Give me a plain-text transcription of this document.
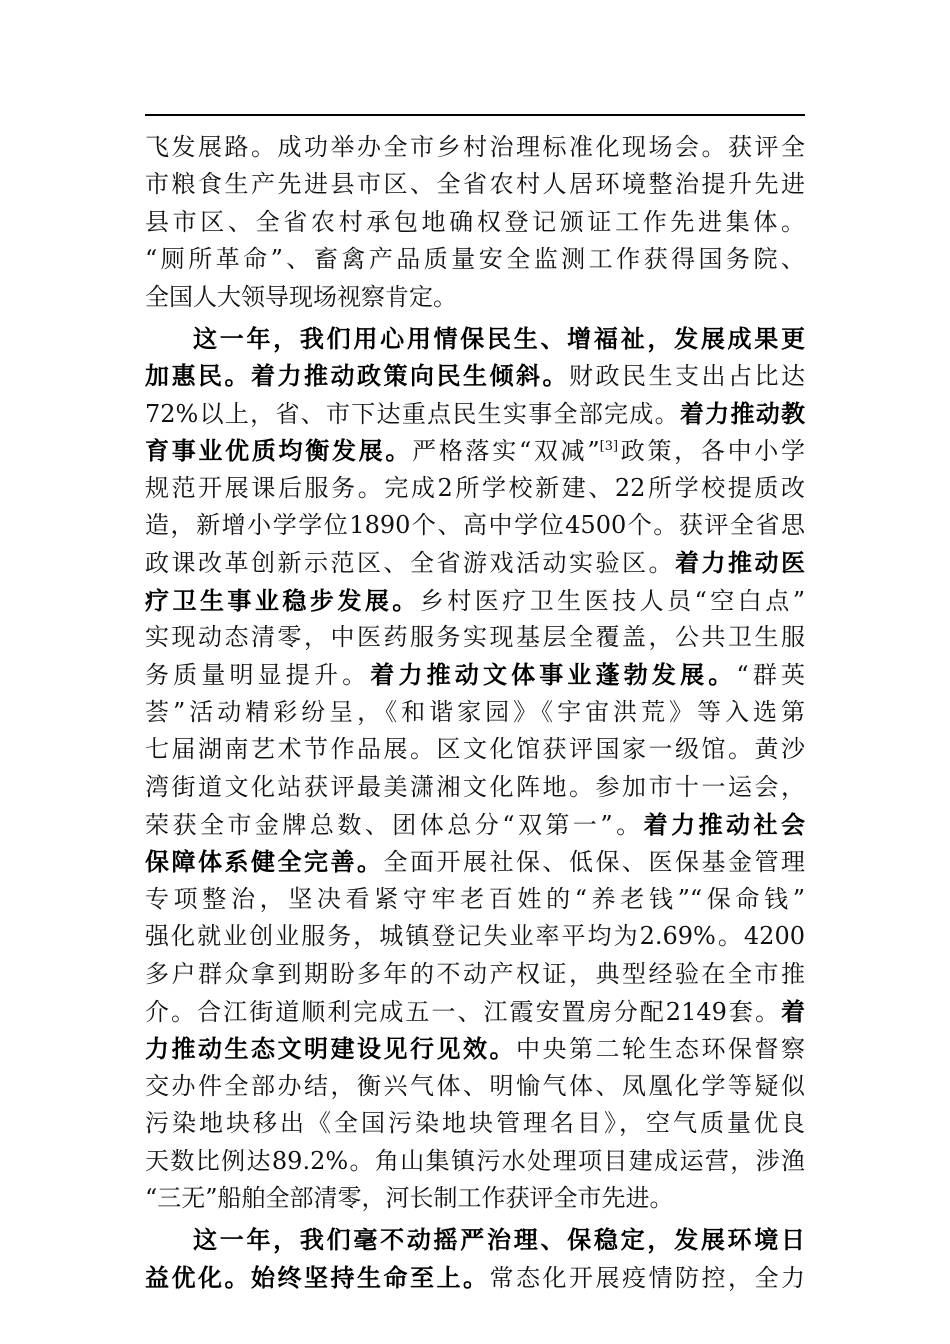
飞发展路。成功举办全市乡村治理标准化现场会。获评全
市粮食生产先进县市区、全省农村人居环境整治提升先进
县市区、全省农村承包地确权登记颁证工作先进集体。
“厕所革命”、畜禽产品质量安全监测工作获得国务院、
全国人大领导现场视察肯定。
这一年，我们用心用情保民生、增福祉，发展成果更
加惠民。着力推动政策向民生倾斜。财政民生支出占比达
72%以上，省、市下达重点民生实事全部完成。着力推动教
育事业优质均衡发展。严格落实“双减”[3]政策，各中小学
规范开展课后服务。完成2所学校新建、22所学校提质改
造，新增小学学位1890个、高中学位4500个。获评全省思
政课改革创新示范区、全省游戏活动实验区。着力推动医
疗卫生事业稳步发展。乡村医疗卫生医技人员“空白点”
实现动态清零，中医药服务实现基层全覆盖，公共卫生服
务质量明显提升。着力推动文体事业蓬勃发展。“群英
荟”活动精彩纷呈，《和谐家园》《宇宙洪荒》等入选第
七届湖南艺术节作品展。区文化馆获评国家一级馆。黄沙
湾街道文化站获评最美潇湘文化阵地。参加市十一运会，
荣获全市金牌总数、团体总分“双第一”。着力推动社会
保障体系健全完善。全面开展社保、低保、医保基金管理
专项整治，坚决看紧守牢老百姓的“养老钱”“保命钱”
强化就业创业服务，城镇登记失业率平均为2.69%。4200
多户群众拿到期盼多年的不动产权证，典型经验在全市推
介。合江街道顺利完成五一、江霞安置房分配2149套。着
力推动生态文明建设见行见效。中央第二轮生态环保督察
交办件全部办结，衡兴气体、明愉气体、凤凰化学等疑似
污染地块移出《全国污染地块管理名目》，空气质量优良
天数比例达89.2%。角山集镇污水处理项目建成运营，涉渔
“三无”船舶全部清零，河长制工作获评全市先进。
这一年，我们毫不动摇严治理、保稳定，发展环境日
益优化。始终坚持生命至上。常态化开展疫情防控，全力
